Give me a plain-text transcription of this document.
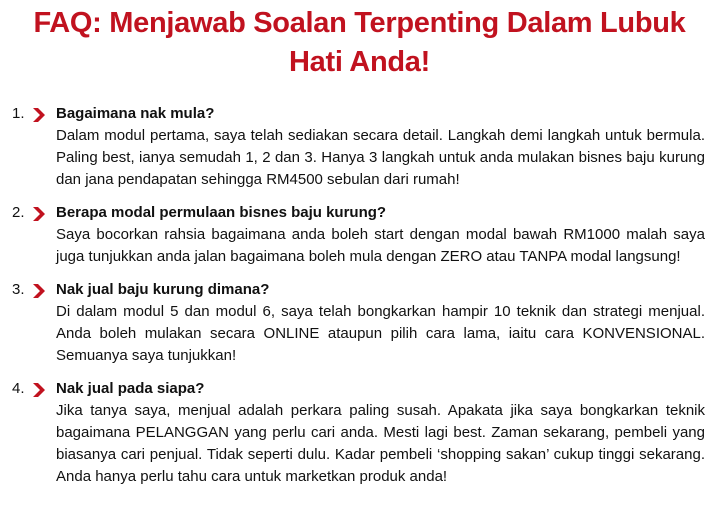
FAQ: Menjawab Soalan Terpenting Dalam Lubuk
Hati Anda!
1. Bagaimana nak mula?
Dalam modul pertama, saya telah sediakan secara detail. Langkah demi langkah untuk bermula. Paling best, ianya semudah 1, 2 dan 3. Hanya 3 langkah untuk anda mulakan bisnes baju kurung dan jana pendapatan sehingga RM4500 sebulan dari rumah!
2. Berapa modal permulaan bisnes baju kurung?
Saya bocorkan rahsia bagaimana anda boleh start dengan modal bawah RM1000 malah saya juga tunjukkan anda jalan bagaimana boleh mula dengan ZERO atau TANPA modal langsung!
3. Nak jual baju kurung dimana?
Di dalam modul 5 dan modul 6, saya telah bongkarkan hampir 10 teknik dan strategi menjual. Anda boleh mulakan secara ONLINE ataupun pilih cara lama, iaitu cara KONVENSIONAL. Semuanya saya tunjukkan!
4. Nak jual pada siapa?
Jika tanya saya, menjual adalah perkara paling susah. Apakata jika saya bongkarkan teknik bagaimana PELANGGAN yang perlu cari anda. Mesti lagi best. Zaman sekarang, pembeli yang biasanya cari penjual. Tidak seperti dulu. Kadar pembeli ‘shopping sakan’ cukup tinggi sekarang. Anda hanya perlu tahu cara untuk marketkan produk anda!
